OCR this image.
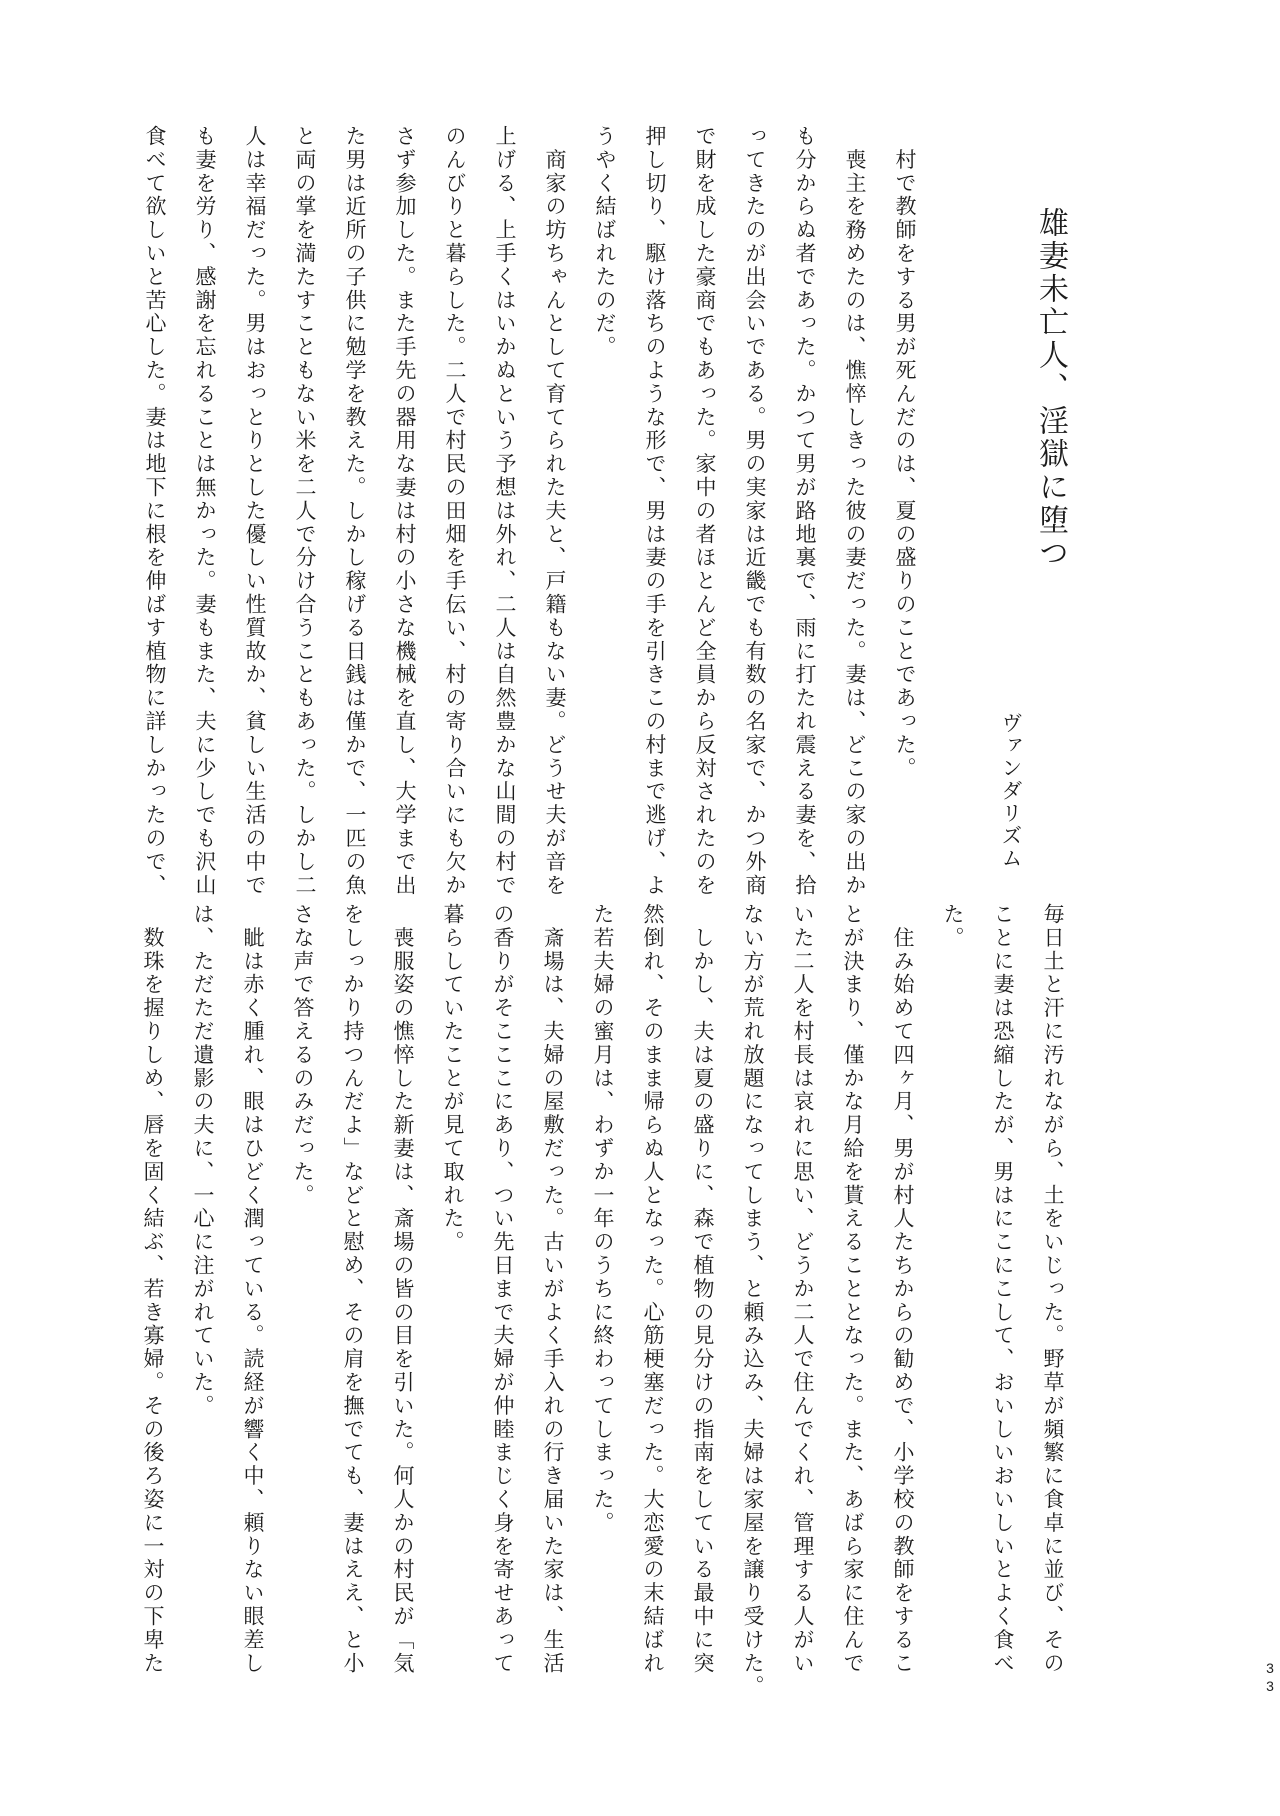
雄妻未亡人、淫獄に堕つ
ヴァンダリズム
　村で教師をする男が死んだのは、夏の盛りのことであった。
　喪主を務めたのは、憔悴しきった彼の妻だった。妻は、どこの家の出か
も分からぬ者であった。かつて男が路地裏で、雨に打たれ震える妻を、拾
ってきたのが出会いである。男の実家は近畿でも有数の名家で、かつ外商
で財を成した豪商でもあった。家中の者ほとんど全員から反対されたのを
押し切り、駆け落ちのような形で、男は妻の手を引きこの村まで逃げ、よ
うやく結ばれたのだ。
　商家の坊ちゃんとして育てられた夫と、戸籍もない妻。どうせ夫が音を
上げる、上手くはいかぬという予想は外れ、二人は自然豊かな山間の村で
のんびりと暮らした。二人で村民の田畑を手伝い、村の寄り合いにも欠か
さず参加した。また手先の器用な妻は村の小さな機械を直し、大学まで出
た男は近所の子供に勉学を教えた。しかし稼げる日銭は僅かで、一匹の魚
と両の掌を満たすこともない米を二人で分け合うこともあった。しかし二
人は幸福だった。男はおっとりとした優しい性質故か、貧しい生活の中で
も妻を労り、感謝を忘れることは無かった。妻もまた、夫に少しでも沢山
食べて欲しいと苦心した。妻は地下に根を伸ばす植物に詳しかったので、
毎日土と汗に汚れながら、土をいじった。野草が頻繁に食卓に並び、その
ことに妻は恐縮したが、男はにこにこして、おいしいおいしいとよく食べ
た。
　住み始めて四ヶ月、男が村人たちからの勧めで、小学校の教師をするこ
とが決まり、僅かな月給を貰えることとなった。また、あばら家に住んで
いた二人を村長は哀れに思い、どうか二人で住んでくれ、管理する人がい
ない方が荒れ放題になってしまう、と頼み込み、夫婦は家屋を譲り受けた。
　しかし、夫は夏の盛りに、森で植物の見分けの指南をしている最中に突
然倒れ、そのまま帰らぬ人となった。心筋梗塞だった。大恋愛の末結ばれ
た若夫婦の蜜月は、わずか一年のうちに終わってしまった。
　斎場は、夫婦の屋敷だった。古いがよく手入れの行き届いた家は、生活
の香りがそこここにあり、つい先日まで夫婦が仲睦まじく身を寄せあって
暮らしていたことが見て取れた。
　喪服姿の憔悴した新妻は、斎場の皆の目を引いた。何人かの村民が「気
をしっかり持つんだよ」などと慰め、その肩を撫でても、妻はええ、と小
さな声で答えるのみだった。
　眦は赤く腫れ、眼はひどく潤っている。読経が響く中、頼りない眼差し
は、ただただ遺影の夫に、一心に注がれていた。
　数珠を握りしめ、唇を固く結ぶ、若き寡婦。その後ろ姿に一対の下卑た
33
